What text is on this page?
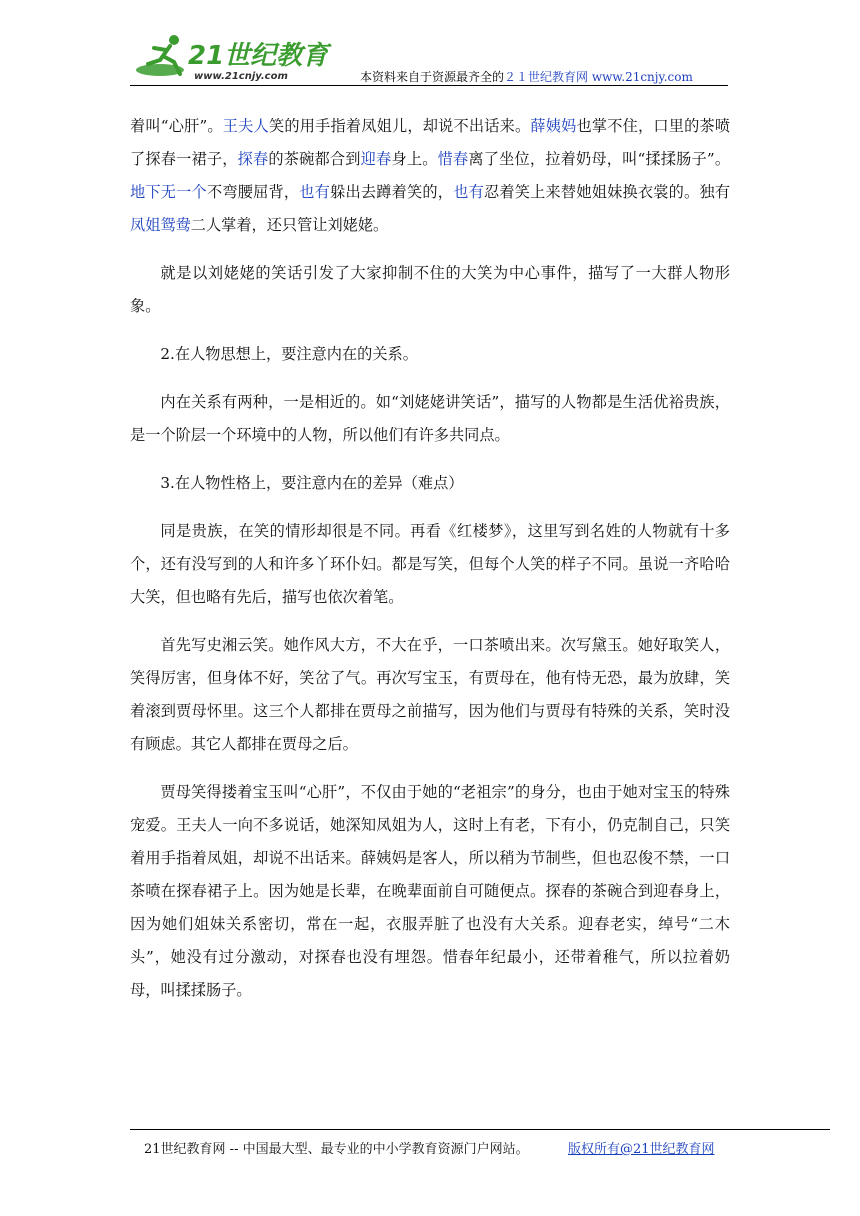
21世纪教育
www.21cnjy.com	本资料来自于资源最齐全的２１世纪教育网 www.21cnjy.com

着叫“心肝”。王夫人笑的用手指着凤姐儿，却说不出话来。薛姨妈也掌不住，口里的茶喷了探春一裙子，探春的茶碗都合到迎春身上。惜春离了坐位，拉着奶母，叫“揉揉肠子”。地下无一个不弯腰屈背，也有躲出去蹲着笑的，也有忍着笑上来替她姐妹换衣裳的。独有凤姐鸳鸯二人掌着，还只管让刘姥姥。

就是以刘姥姥的笑话引发了大家抑制不住的大笑为中心事件，描写了一大群人物形象。

2.在人物思想上，要注意内在的关系。

内在关系有两种，一是相近的。如“刘姥姥讲笑话”，描写的人物都是生活优裕贵族，是一个阶层一个环境中的人物，所以他们有许多共同点。

3.在人物性格上，要注意内在的差异（难点）

同是贵族，在笑的情形却很是不同。再看《红楼梦》，这里写到名姓的人物就有十多个，还有没写到的人和许多丫环仆妇。都是写笑，但每个人笑的样子不同。虽说一齐哈哈大笑，但也略有先后，描写也依次着笔。

首先写史湘云笑。她作风大方，不大在乎，一口茶喷出来。次写黛玉。她好取笑人，笑得厉害，但身体不好，笑岔了气。再次写宝玉，有贾母在，他有恃无恐，最为放肆，笑着滚到贾母怀里。这三个人都排在贾母之前描写，因为他们与贾母有特殊的关系，笑时没有顾虑。其它人都排在贾母之后。

贾母笑得搂着宝玉叫“心肝”，不仅由于她的“老祖宗”的身分，也由于她对宝玉的特殊宠爱。王夫人一向不多说话，她深知凤姐为人，这时上有老，下有小，仍克制自己，只笑着用手指着凤姐，却说不出话来。薛姨妈是客人，所以稍为节制些，但也忍俊不禁，一口茶喷在探春裙子上。因为她是长辈，在晚辈面前自可随便点。探春的茶碗合到迎春身上，因为她们姐妹关系密切，常在一起，衣服弄脏了也没有大关系。迎春老实，绰号“二木头”，她没有过分激动，对探春也没有埋怨。惜春年纪最小，还带着稚气，所以拉着奶母，叫揉揉肠子。

21世纪教育网 -- 中国最大型、最专业的中小学教育资源门户网站。	版权所有@21世纪教育网
